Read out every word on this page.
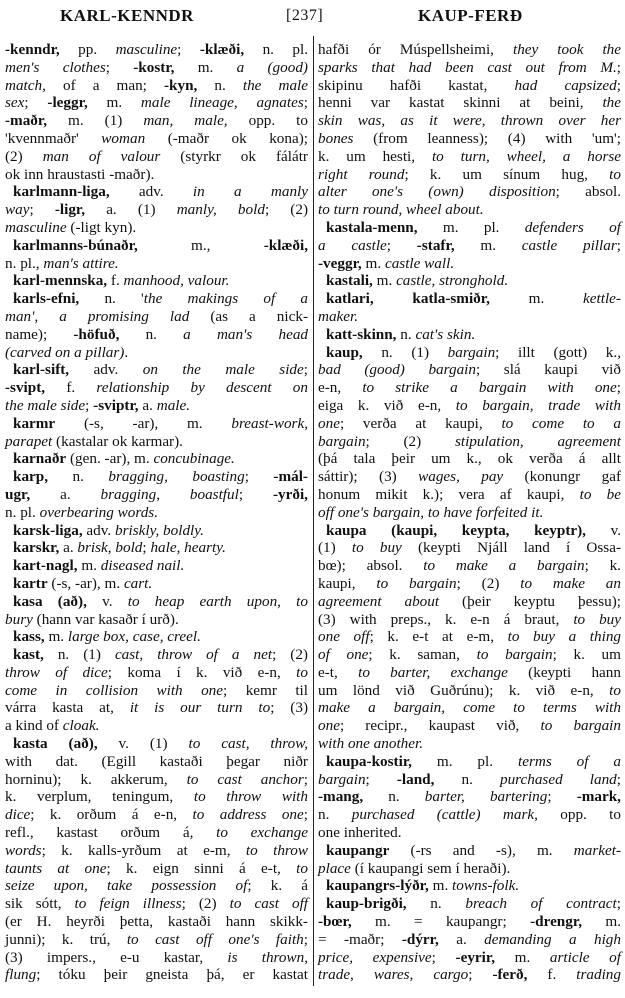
KARL-KENNDR	[237]	KAUP-FERÐ
-kenndr, pp. masculine; -klæði, n. pl.
men's clothes; -kostr, m. a (good)
match, of a man; -kyn, n. the male
sex; -leggr, m. male lineage, agnates;
-maðr, m. (1) man, male, opp. to
'kvennmaðr' woman (-maðr ok kona);
(2) man of valour (styrkr ok fálátr
ok inn hraustasti -maðr).
karlmann-liga, adv. in a manly
way; -ligr, a. (1) manly, bold; (2)
masculine (-ligt kyn).
karlmanns-búnaðr, m., -klæði,
n. pl., man's attire.
karl-mennska, f. manhood, valour.
karls-efni, n. 'the makings of a
man', a promising lad (as a nick-
name); -höfuð, n. a man's head
(carved on a pillar).
karl-sift, adv. on the male side;
-svipt, f. relationship by descent on
the male side; -sviptr, a. male.
karmr (-s, -ar), m. breast-work,
parapet (kastalar ok karmar).
karnaðr (gen. -ar), m. concubinage.
karp, n. bragging, boasting; -mál-
ugr, a. bragging, boastful; -yrði,
n. pl. overbearing words.
karsk-liga, adv. briskly, boldly.
karskr, a. brisk, bold; hale, hearty.
kart-nagl, m. diseased nail.
kartr (-s, -ar), m. cart.
kasa (að), v. to heap earth upon, to
bury (hann var kasaðr í urð).
kass, m. large box, case, creel.
kast, n. (1) cast, throw of a net; (2)
throw of dice; koma í k. við e-n, to
come in collision with one; kemr til
várra kasta at, it is our turn to; (3)
a kind of cloak.
kasta (að), v. (1) to cast, throw,
with dat. (Egill kastaði þegar niðr
horninu); k. akkerum, to cast anchor;
k. verplum, teningum, to throw with
dice; k. orðum á e-n, to address one;
refl., kastast orðum á, to exchange
words; k. kalls-yrðum at e-m, to throw
taunts at one; k. eign sinni á e-t, to
seize upon, take possession of; k. á
sik sótt, to feign illness; (2) to cast off
(er H. heyrði þetta, kastaði hann skikk-
junni); k. trú, to cast off one's faith;
(3) impers., e-u kastar, is thrown,
flung; tóku þeir gneista þá, er kastat
hafði ór Múspellsheimi, they took the
sparks that had been cast out from M.;
skipinu hafði kastat, had capsized;
henni var kastat skinni at beini, the
skin was, as it were, thrown over her
bones (from leanness); (4) with 'um';
k. um hesti, to turn, wheel, a horse
right round; k. um sínum hug, to
alter one's (own) disposition; absol.
to turn round, wheel about.
kastala-menn, m. pl. defenders of
a castle; -stafr, m. castle pillar;
-veggr, m. castle wall.
kastali, m. castle, stronghold.
katlari, katla-smiðr, m. kettle-
maker.
katt-skinn, n. cat's skin.
kaup, n. (1) bargain; illt (gott) k.,
bad (good) bargain; slá kaupi við
e-n, to strike a bargain with one;
eiga k. við e-n, to bargain, trade with
one; verða at kaupi, to come to a
bargain; (2) stipulation, agreement
(þá tala þeir um k., ok verða á allt
sáttir); (3) wages, pay (konungr gaf
honum mikit k.); vera af kaupi, to be
off one's bargain, to have forfeited it.
kaupa (kaupi, keypta, keyptr), v.
(1) to buy (keypti Njáll land í Ossa-
bœ); absol. to make a bargain; k.
kaupi, to bargain; (2) to make an
agreement about (þeir keyptu þessu);
(3) with preps., k. e-n á braut, to buy
one off; k. e-t at e-m, to buy a thing
of one; k. saman, to bargain; k. um
e-t, to barter, exchange (keypti hann
um lönd við Guðrúnu); k. við e-n, to
make a bargain, come to terms with
one; recipr., kaupast við, to bargain
with one another.
kaupa-kostir, m. pl. terms of a
bargain; -land, n. purchased land;
-mang, n. barter, bartering; -mark,
n. purchased (cattle) mark, opp. to
one inherited.
kaupangr (-rs and -s), m. market-
place (í kaupangi sem í heraði).
kaupangrs-lýðr, m. towns-folk.
kaup-brigði, n. breach of contract;
-bœr, m. = kaupangr; -drengr, m.
= -maðr; -dýrr, a. demanding a high
price, expensive; -eyrir, m. article of
trade, wares, cargo; -ferð, f. trading
